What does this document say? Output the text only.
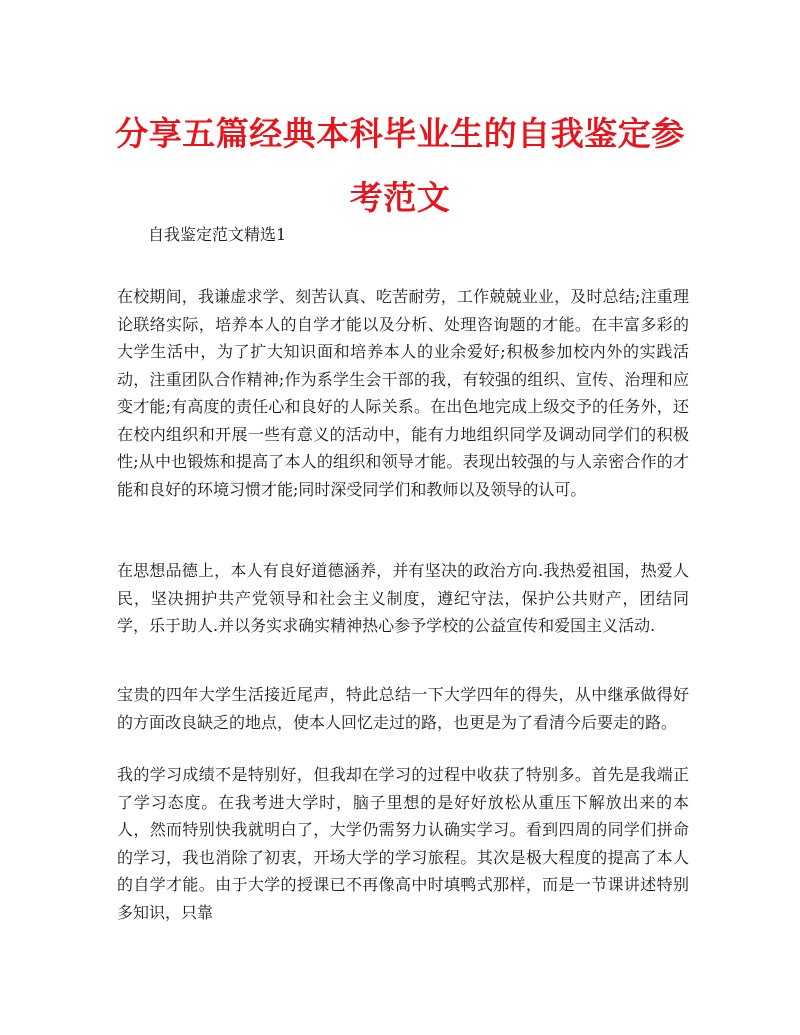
分享五篇经典本科毕业生的自我鉴定参考范文

自我鉴定范文精选1

在校期间，我谦虚求学、刻苦认真、吃苦耐劳，工作兢兢业业，及时总结;注重理论联络实际，培养本人的自学才能以及分析、处理咨询题的才能。在丰富多彩的大学生活中，为了扩大知识面和培养本人的业余爱好;积极参加校内外的实践活动，注重团队合作精神;作为系学生会干部的我，有较强的组织、宣传、治理和应变才能;有高度的责任心和良好的人际关系。在出色地完成上级交予的任务外，还在校内组织和开展一些有意义的活动中，能有力地组织同学及调动同学们的积极性;从中也锻炼和提高了本人的组织和领导才能。表现出较强的与人亲密合作的才能和良好的环境习惯才能;同时深受同学们和教师以及领导的认可。

在思想品德上，本人有良好道德涵养，并有坚决的政治方向.我热爱祖国，热爱人民，坚决拥护共产党领导和社会主义制度，遵纪守法，保护公共财产，团结同学，乐于助人.并以务实求确实精神热心参予学校的公益宣传和爱国主义活动.

宝贵的四年大学生活接近尾声，特此总结一下大学四年的得失，从中继承做得好的方面改良缺乏的地点，使本人回忆走过的路，也更是为了看清今后要走的路。

我的学习成绩不是特别好，但我却在学习的过程中收获了特别多。首先是我端正了学习态度。在我考进大学时，脑子里想的是好好放松从重压下解放出来的本人，然而特别快我就明白了，大学仍需努力认确实学习。看到四周的同学们拼命的学习，我也消除了初衷，开场大学的学习旅程。其次是极大程度的提高了本人的自学才能。由于大学的授课已不再像高中时填鸭式那样，而是一节课讲述特别多知识，只靠
